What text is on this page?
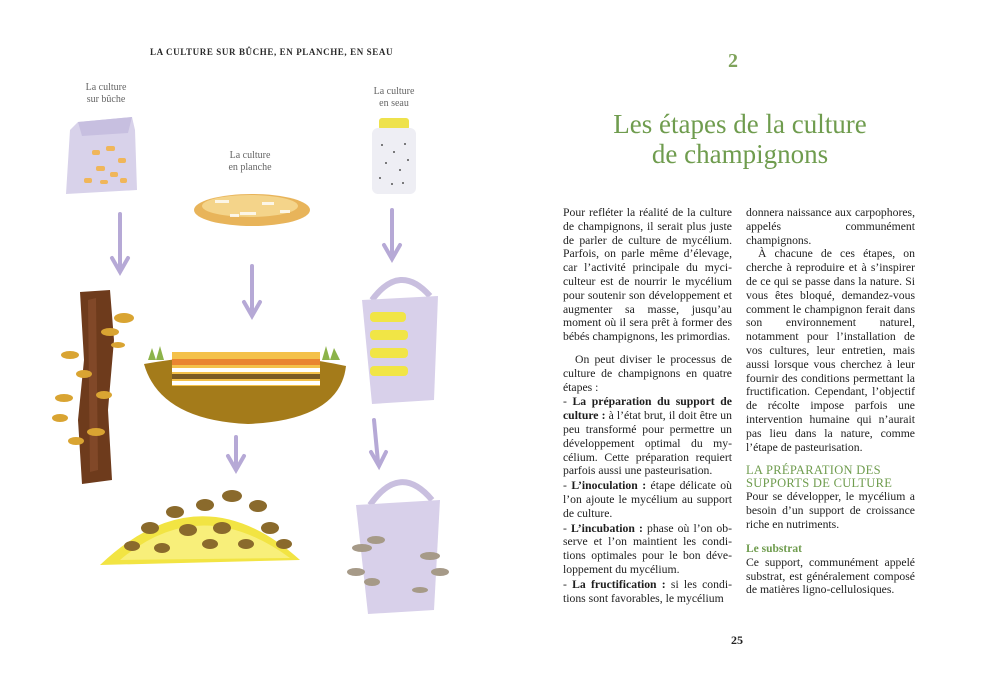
LA CULTURE SUR BÛCHE, EN PLANCHE, EN SEAU
La culture
sur bûche
La culture
en planche
La culture
en seau
2
Les étapes de la culture
de champignons

Pour refléter la réalité de la culture de champignons, il serait plus juste de parler de culture de mycélium. Parfois, on parle même d’élevage, car l’activité principale du myciculteur est de nourrir le mycélium pour soutenir son développement et augmenter sa masse, jusqu’au moment où il sera prêt à former des bébés champignons, les primordias.

On peut diviser le processus de culture de champignons en quatre étapes :

- La préparation du support de culture : à l’état brut, il doit être un peu transformé pour permettre un développement optimal du mycélium. Cette préparation requiert parfois aussi une pasteurisation.

- L’inoculation : étape délicate où l’on ajoute le mycélium au support de culture.

- L’incubation : phase où l’on observe et l’on maintient les conditions optimales pour le bon développement du mycélium.

- La fructification : si les conditions sont favorables, le mycélium

donnera naissance aux carpophores, appelés communément champignons.

À chacune de ces étapes, on cherche à reproduire et à s’inspirer de ce qui se passe dans la nature. Si vous êtes bloqué, demandez-vous comment le champignon ferait dans son environnement naturel, notamment pour l’installation de vos cultures, leur entretien, mais aussi lorsque vous cherchez à leur fournir des conditions permettant la fructification. Cependant, l’objectif de récolte impose parfois une intervention humaine qui n’aurait pas lieu dans la nature, comme l’étape de pasteurisation.

LA PRÉPARATION DES SUPPORTS DE CULTURE

Pour se développer, le mycélium a besoin d’un support de croissance riche en nutriments.

Le substrat

Ce support, communément appelé substrat, est généralement composé de matières ligno-cellulosiques.

25
